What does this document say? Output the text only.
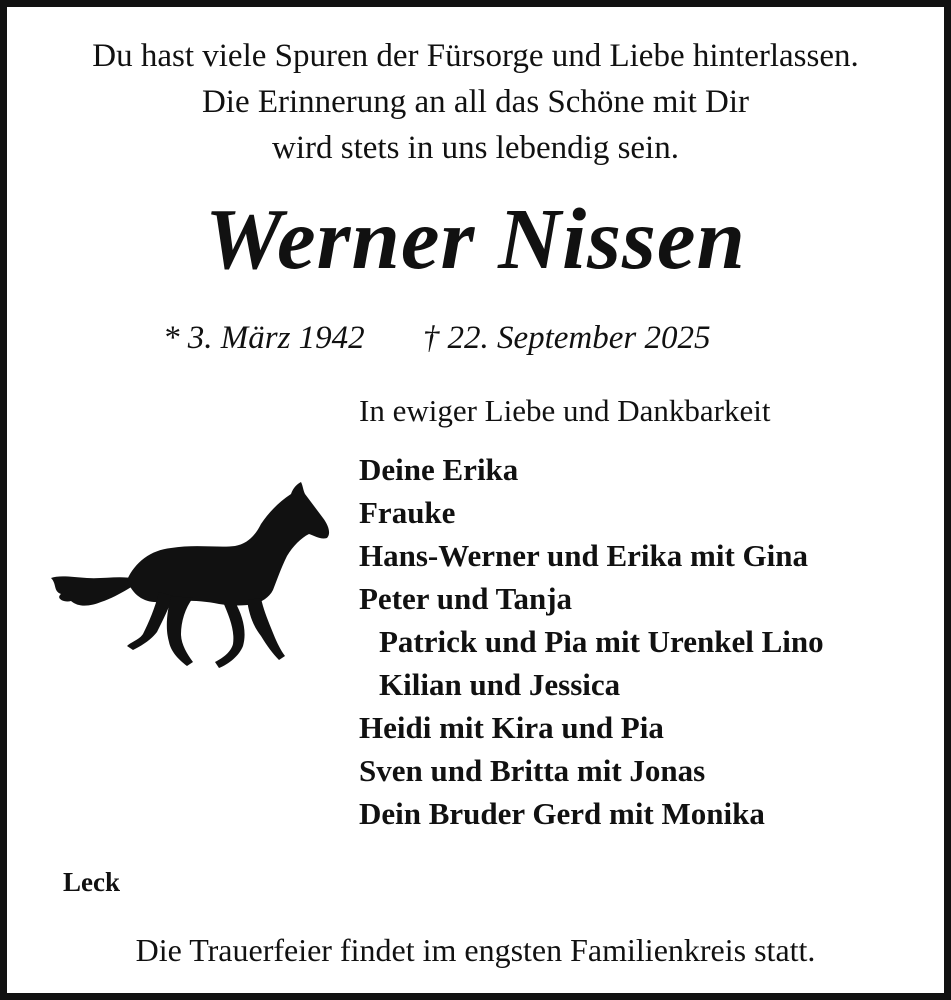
Du hast viele Spuren der Fürsorge und Liebe hinterlassen.
Die Erinnerung an all das Schöne mit Dir
wird stets in uns lebendig sein.
Werner Nissen
* 3. März 1942 † 22. September 2025
In ewiger Liebe und Dankbarkeit
Deine Erika
Frauke
Hans-Werner und Erika mit Gina
Peter und Tanja
Patrick und Pia mit Urenkel Lino
Kilian und Jessica
Heidi mit Kira und Pia
Sven und Britta mit Jonas
Dein Bruder Gerd mit Monika
Leck
Die Trauerfeier findet im engsten Familienkreis statt.
